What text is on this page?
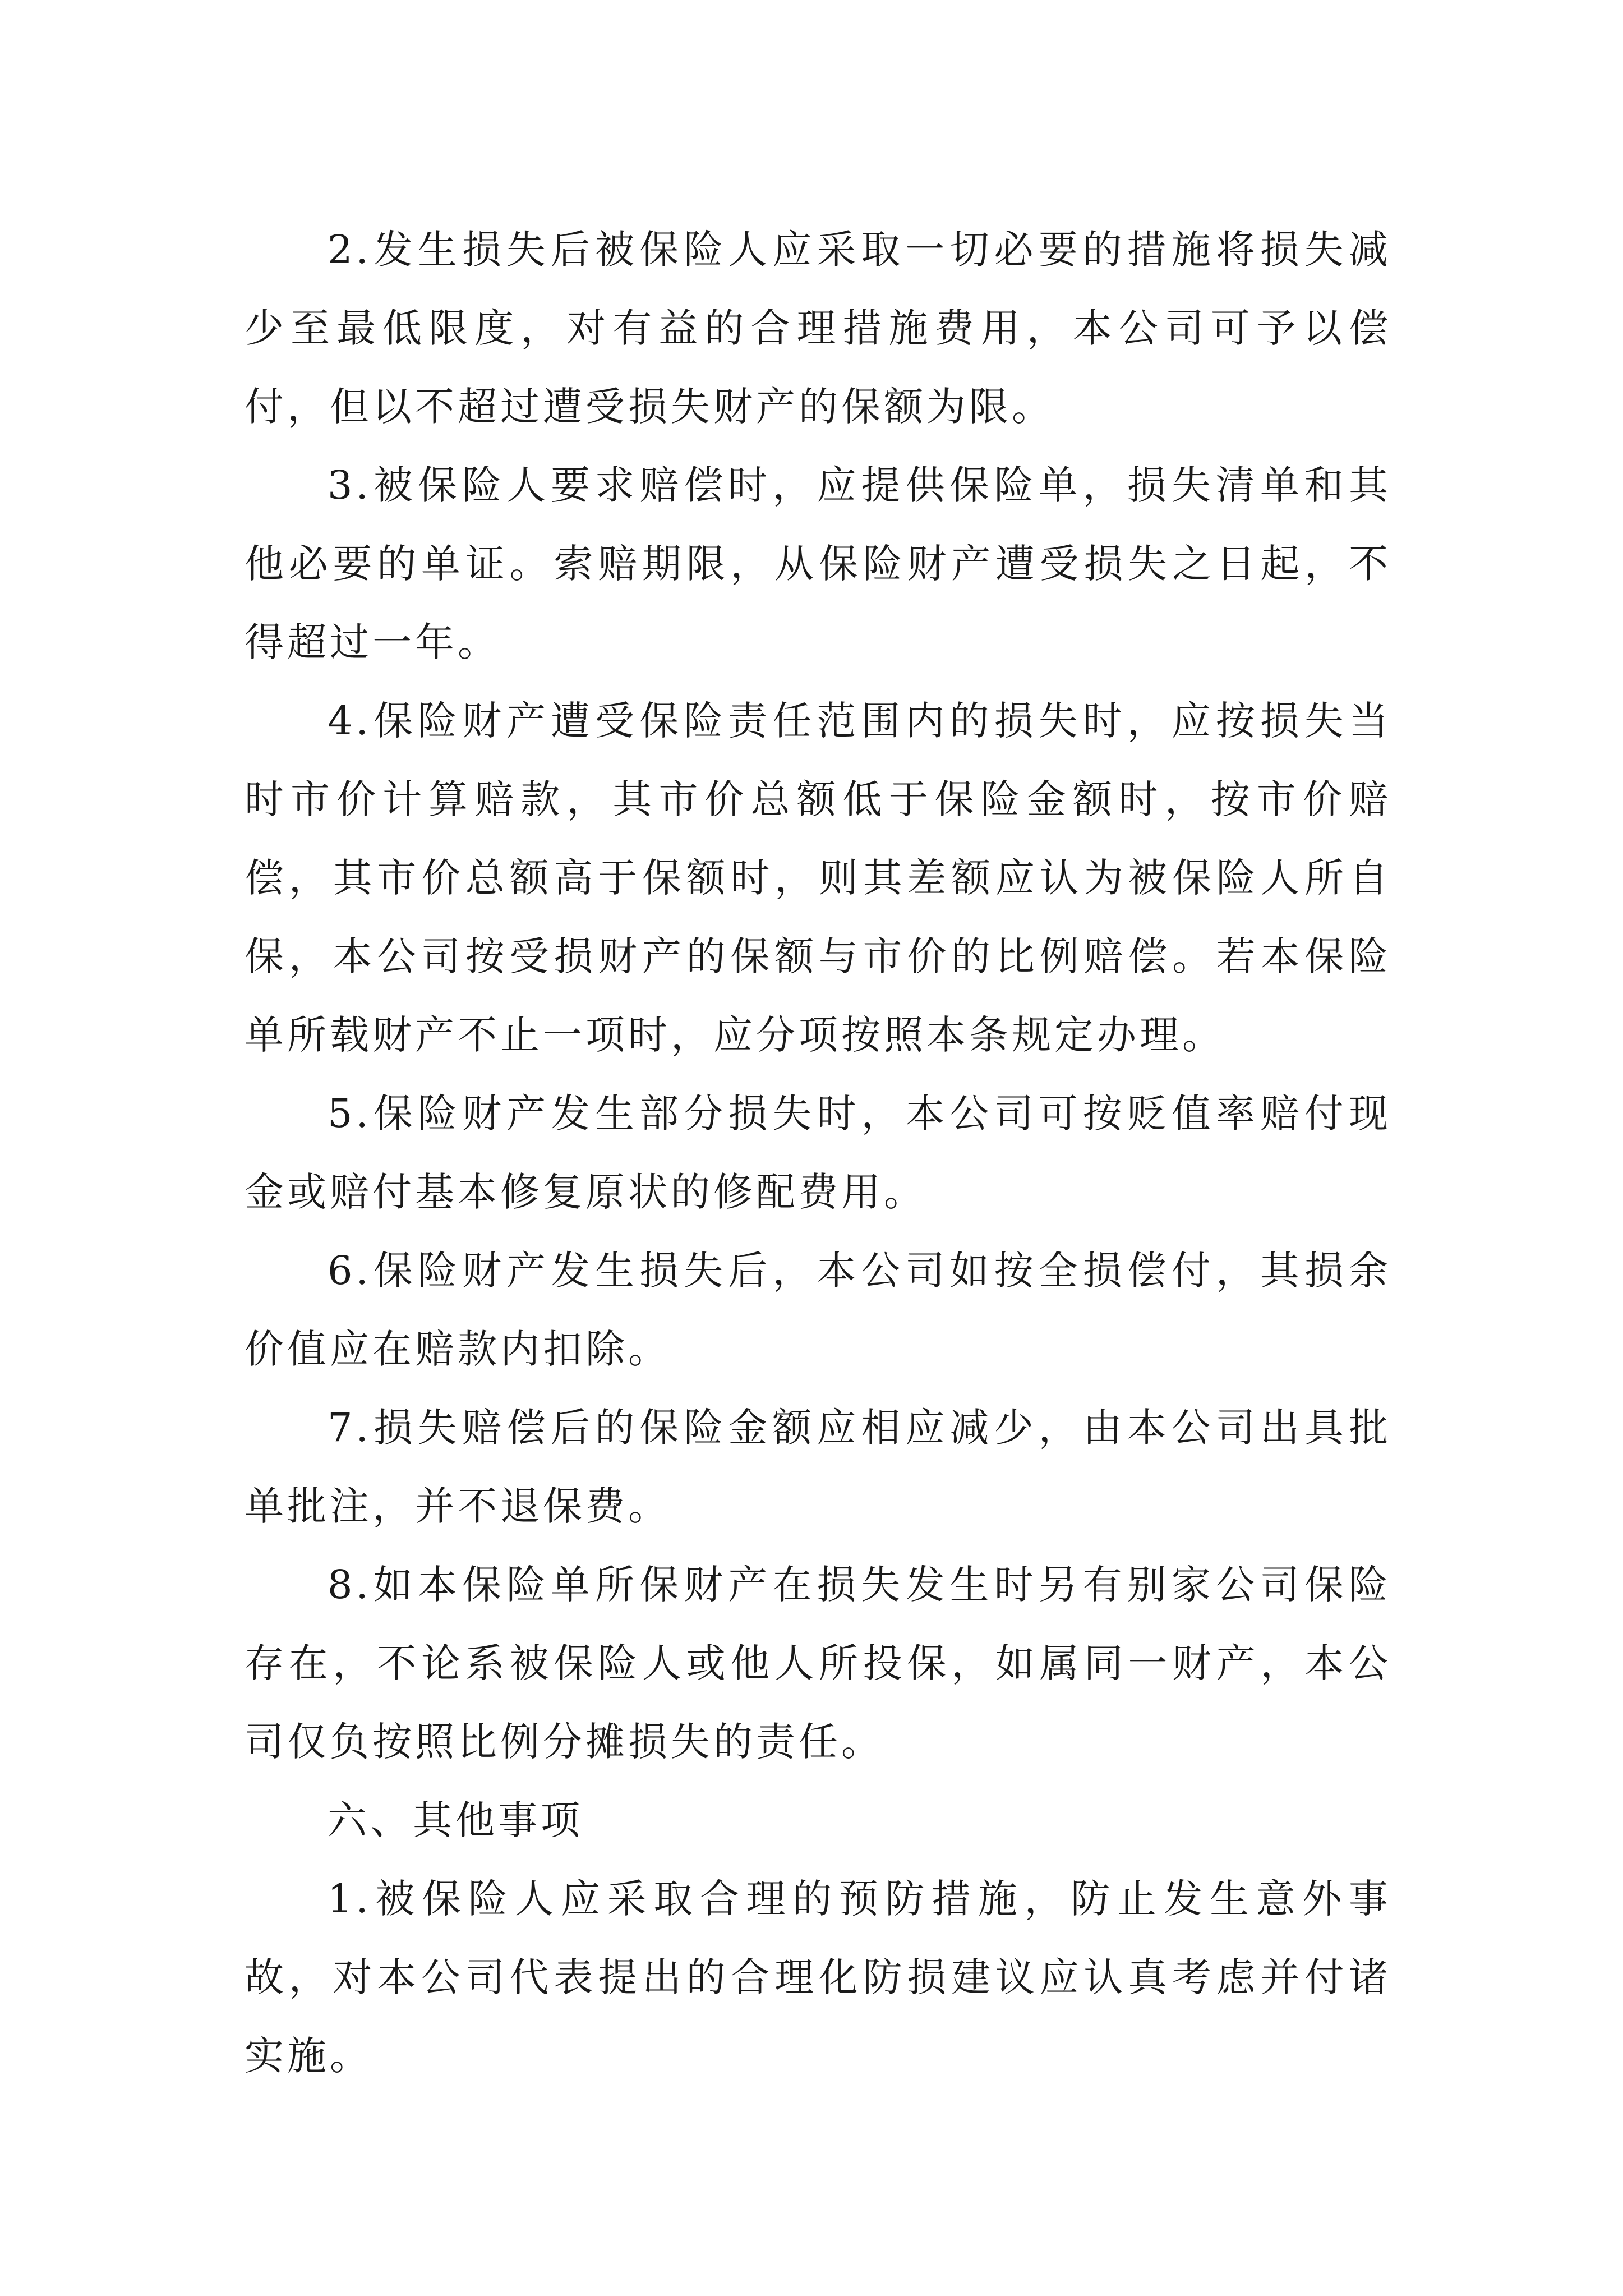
2.发生损失后被保险人应采取一切必要的措施将损失减少至最低限度，对有益的合理措施费用，本公司可予以偿付，但以不超过遭受损失财产的保额为限。

3.被保险人要求赔偿时，应提供保险单，损失清单和其他必要的单证。索赔期限，从保险财产遭受损失之日起，不得超过一年。

4.保险财产遭受保险责任范围内的损失时，应按损失当时市价计算赔款，其市价总额低于保险金额时，按市价赔偿，其市价总额高于保额时，则其差额应认为被保险人所自保，本公司按受损财产的保额与市价的比例赔偿。若本保险单所载财产不止一项时，应分项按照本条规定办理。

5.保险财产发生部分损失时，本公司可按贬值率赔付现金或赔付基本修复原状的修配费用。

6.保险财产发生损失后，本公司如按全损偿付，其损余价值应在赔款内扣除。

7.损失赔偿后的保险金额应相应减少，由本公司出具批单批注，并不退保费。

8.如本保险单所保财产在损失发生时另有别家公司保险存在，不论系被保险人或他人所投保，如属同一财产，本公司仅负按照比例分摊损失的责任。

六、其他事项

1.被保险人应采取合理的预防措施，防止发生意外事故，对本公司代表提出的合理化防损建议应认真考虑并付诸实施。
